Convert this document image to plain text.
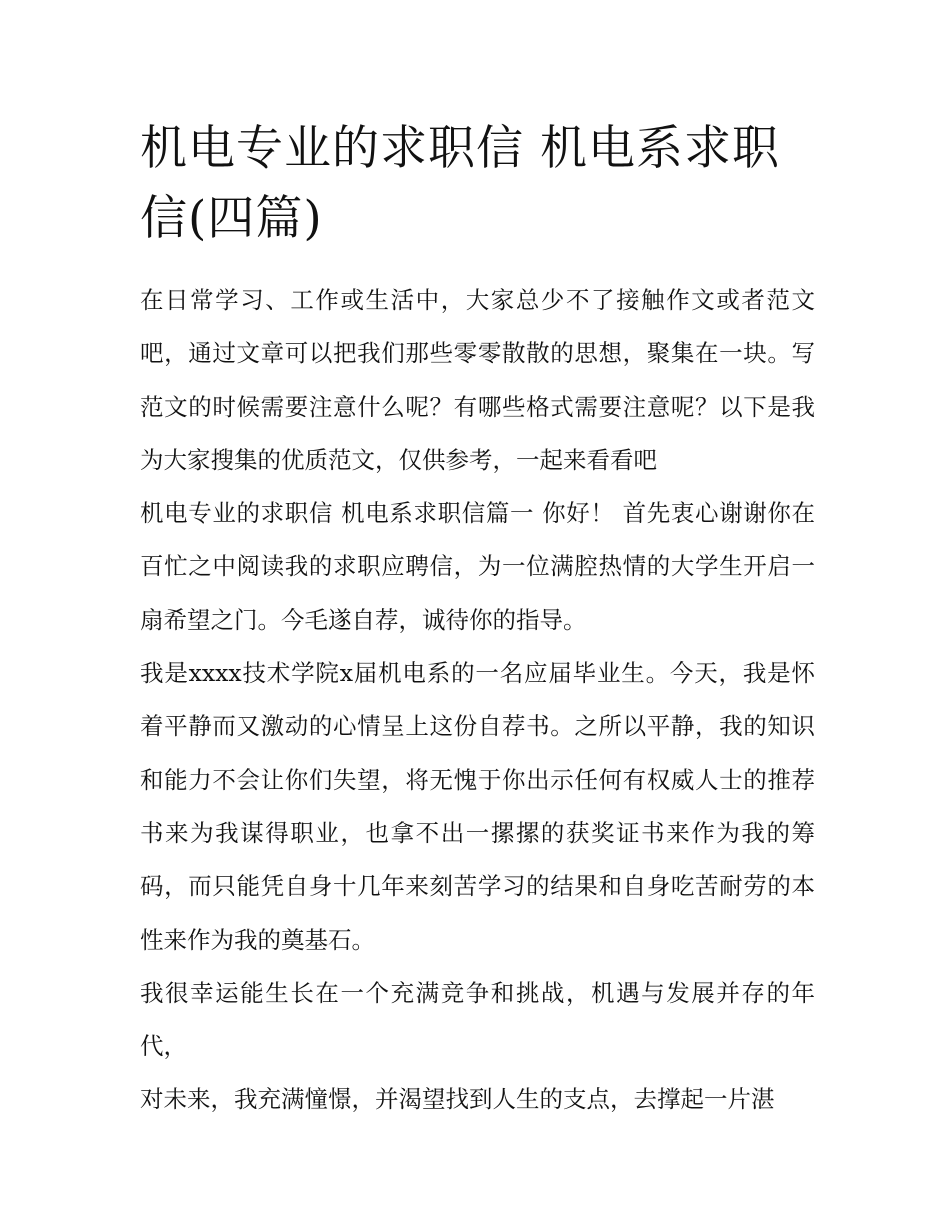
机电专业的求职信 机电系求职信(四篇)

在日常学习、工作或生活中，大家总少不了接触作文或者范文吧，通过文章可以把我们那些零零散散的思想，聚集在一块。写范文的时候需要注意什么呢？有哪些格式需要注意呢？以下是我为大家搜集的优质范文，仅供参考，一起来看看吧

机电专业的求职信 机电系求职信篇一 你好！ 首先衷心谢谢你在百忙之中阅读我的求职应聘信，为一位满腔热情的大学生开启一扇希望之门。今毛遂自荐，诚待你的指导。

我是xxxx技术学院x届机电系的一名应届毕业生。今天，我是怀着平静而又激动的心情呈上这份自荐书。之所以平静，我的知识和能力不会让你们失望，将无愧于你出示任何有权威人士的推荐书来为我谋得职业，也拿不出一摞摞的获奖证书来作为我的筹码，而只能凭自身十几年来刻苦学习的结果和自身吃苦耐劳的本性来作为我的奠基石。

我很幸运能生长在一个充满竞争和挑战，机遇与发展并存的年代，

对未来，我充满憧憬，并渴望找到人生的支点，去撑起一片湛
